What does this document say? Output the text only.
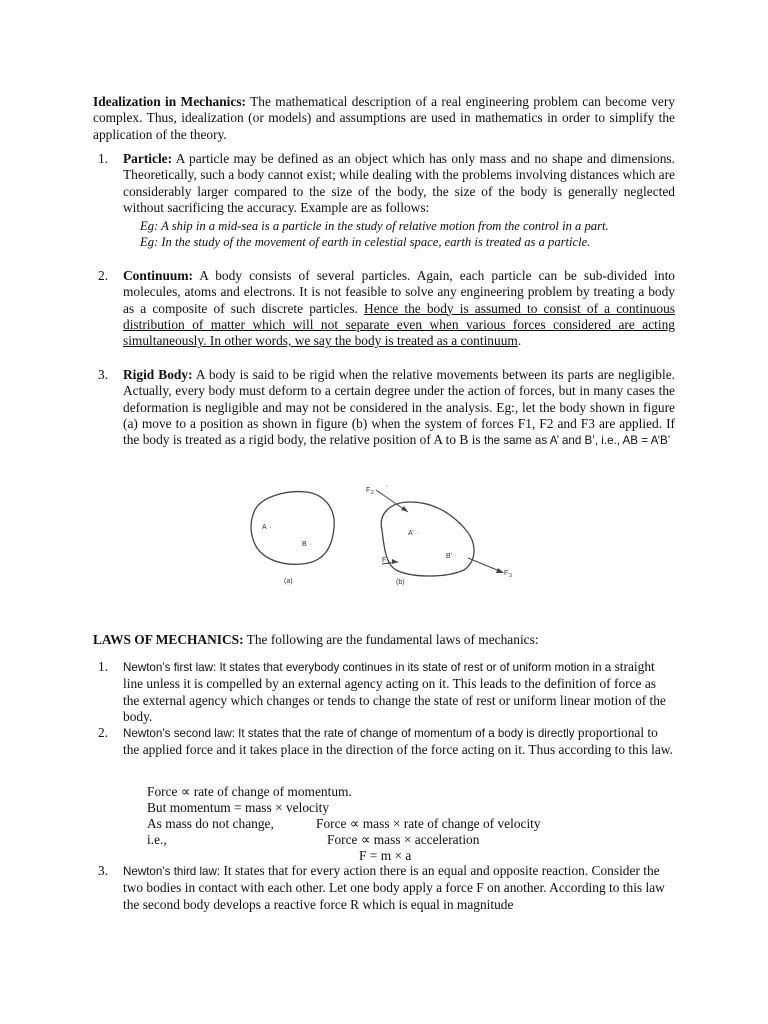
Idealization in Mechanics: The mathematical description of a real engineering problem can become very complex. Thus, idealization (or models) and assumptions are used in mathematics in order to simplify the application of the theory.
1. Particle: A particle may be defined as an object which has only mass and no shape and dimensions. Theoretically, such a body cannot exist; while dealing with the problems involving distances which are considerably larger compared to the size of the body, the size of the body is generally neglected without sacrificing the accuracy. Example are as follows:
Eg: A ship in a mid-sea is a particle in the study of relative motion from the control in a part.
Eg: In the study of the movement of earth in celestial space, earth is treated as a particle.
2. Continuum: A body consists of several particles. Again, each particle can be sub-divided into molecules, atoms and electrons. It is not feasible to solve any engineering problem by treating a body as a composite of such discrete particles. Hence the body is assumed to consist of a continuous distribution of matter which will not separate even when various forces considered are acting simultaneously. In other words, we say the body is treated as a continuum.
3. Rigid Body: A body is said to be rigid when the relative movements between its parts are negligible. Actually, every body must deform to a certain degree under the action of forces, but in many cases the deformation is negligible and may not be considered in the analysis. Eg:, let the body shown in figure (a) move to a position as shown in figure (b) when the system of forces F1, F2 and F3 are applied. If the body is treated as a rigid body, the relative position of A to B is the same as A’ and B’, i.e., AB = A’B’
A ·
B ·
(a)
A’ ·
B’ ·
(b)
F 2
,
F 1
F 3
LAWS OF MECHANICS: The following are the fundamental laws of mechanics:
1. Newton’s first law: It states that everybody continues in its state of rest or of uniform motion in a straight line unless it is compelled by an external agency acting on it. This leads to the definition of force as the external agency which changes or tends to change the state of rest or uniform linear motion of the body.
2. Newton’s second law: It states that the rate of change of momentum of a body is directly proportional to the applied force and it takes place in the direction of the force acting on it. Thus according to this law.
Force ∝ rate of change of momentum.
But momentum = mass × velocity
As mass do not change,	Force ∝ mass × rate of change of velocity
i.e.,	Force ∝ mass × acceleration
F = m × a
3. Newton’s third law: It states that for every action there is an equal and opposite reaction. Consider the two bodies in contact with each other. Let one body apply a force F on another. According to this law the second body develops a reactive force R which is equal in magnitude
